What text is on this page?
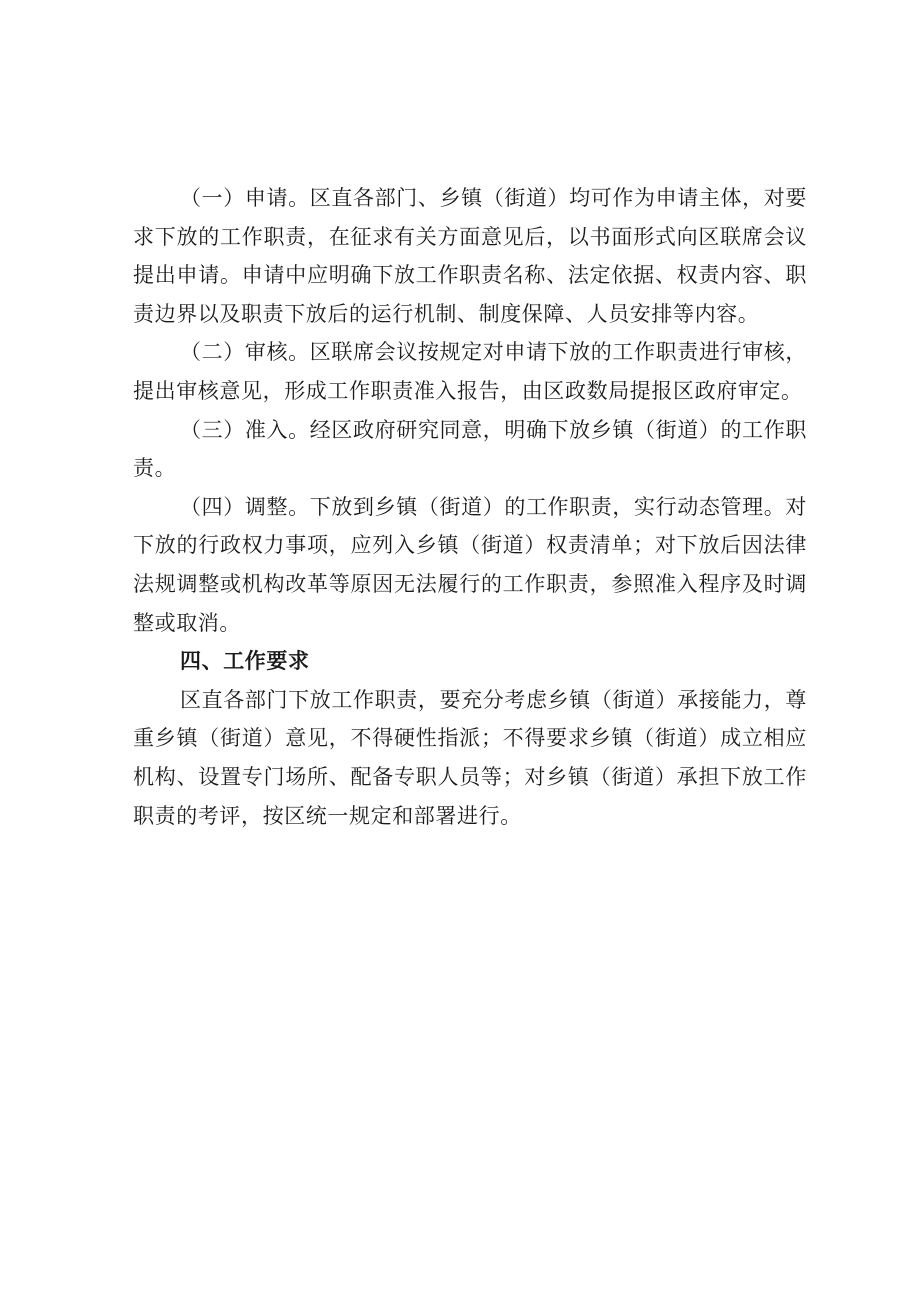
（一）申请。区直各部门、乡镇（街道）均可作为申请主体，对要求下放的工作职责，在征求有关方面意见后，以书面形式向区联席会议提出申请。申请中应明确下放工作职责名称、法定依据、权责内容、职责边界以及职责下放后的运行机制、制度保障、人员安排等内容。

（二）审核。区联席会议按规定对申请下放的工作职责进行审核，提出审核意见，形成工作职责准入报告，由区政数局提报区政府审定。

（三）准入。经区政府研究同意，明确下放乡镇（街道）的工作职责。

（四）调整。下放到乡镇（街道）的工作职责，实行动态管理。对下放的行政权力事项，应列入乡镇（街道）权责清单；对下放后因法律法规调整或机构改革等原因无法履行的工作职责，参照准入程序及时调整或取消。

四、工作要求

区直各部门下放工作职责，要充分考虑乡镇（街道）承接能力，尊重乡镇（街道）意见，不得硬性指派；不得要求乡镇（街道）成立相应机构、设置专门场所、配备专职人员等；对乡镇（街道）承担下放工作职责的考评，按区统一规定和部署进行。
